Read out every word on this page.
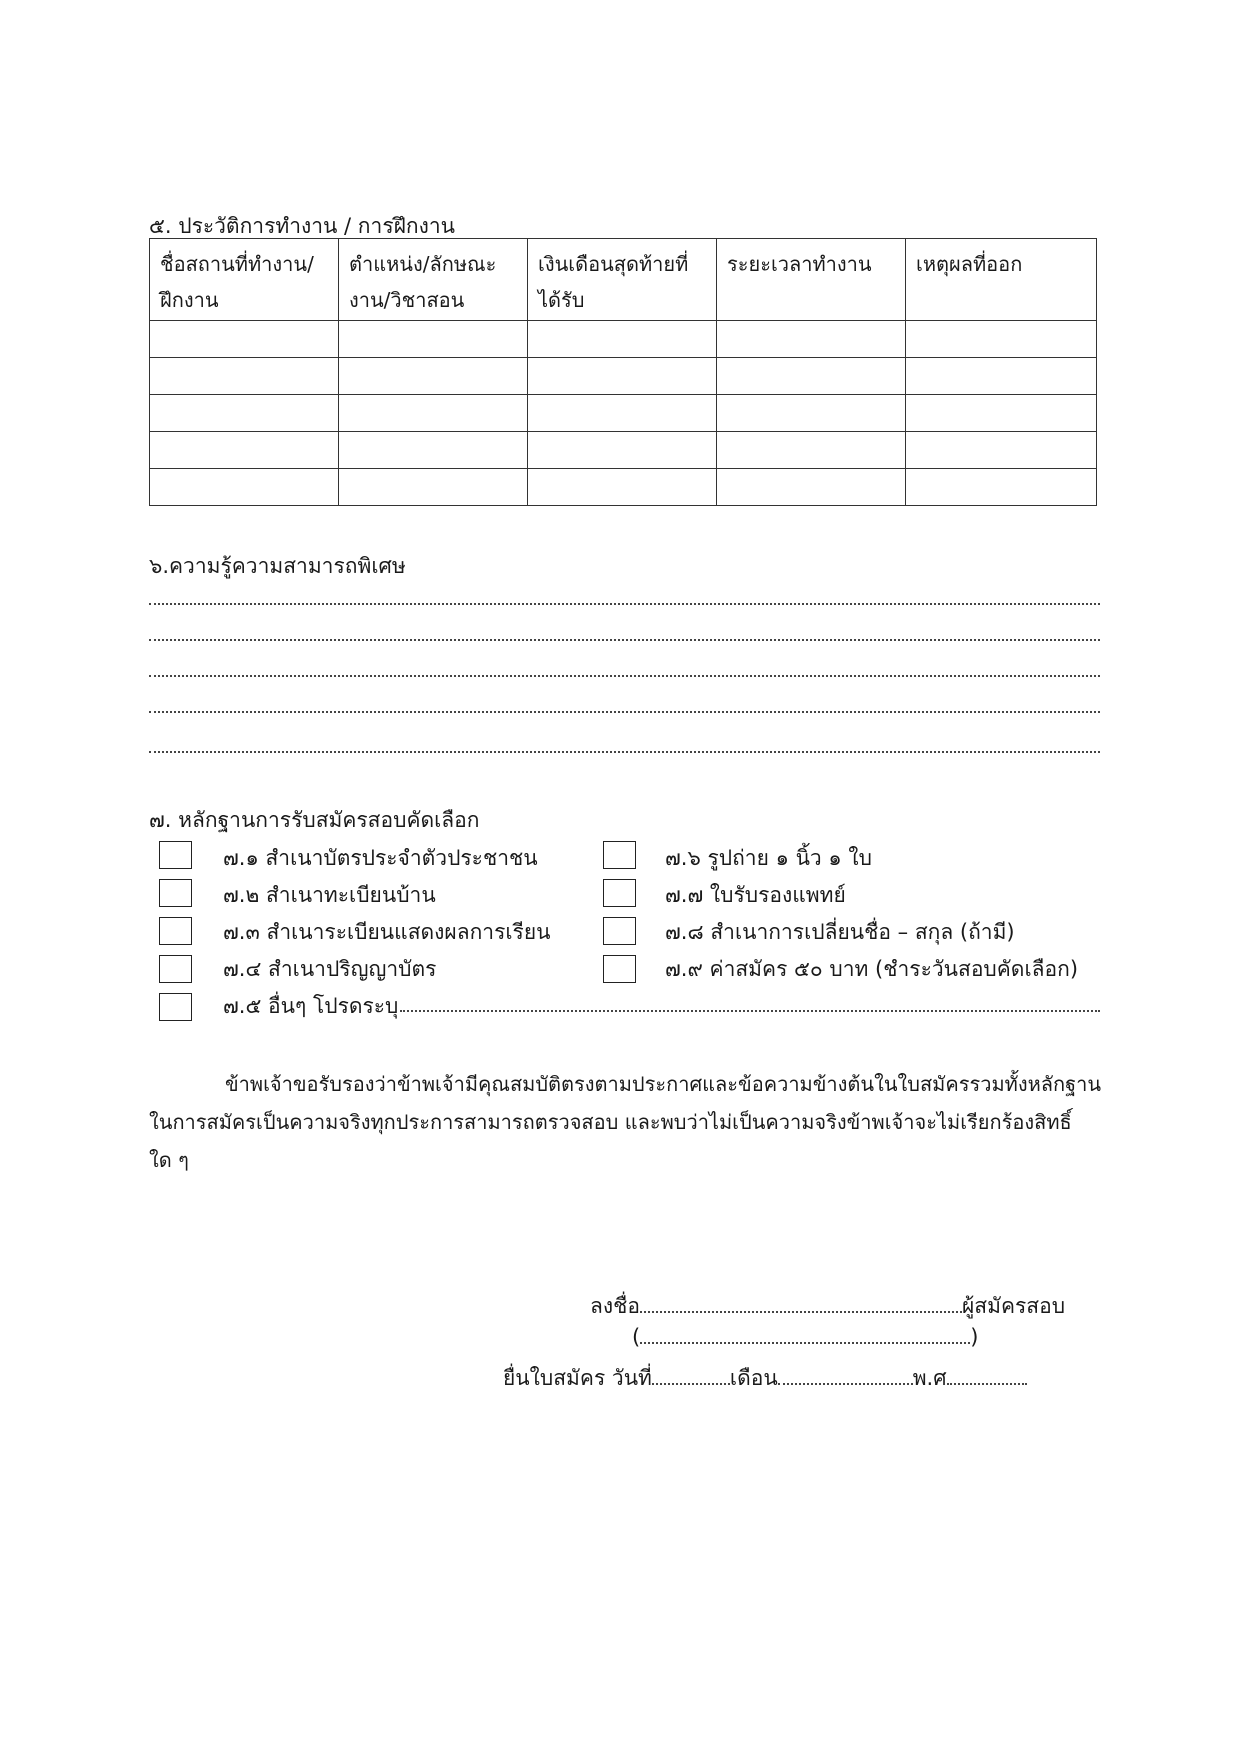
๕. ประวัติการทำงาน / การฝึกงาน
ชื่อสถานที่ทำงาน/ฝึกงาน	ตำแหน่ง/ลักษณะงาน/วิชาสอน	เงินเดือนสุดท้ายที่ได้รับ	ระยะเวลาทำงาน	เหตุผลที่ออก

๖.ความรู้ความสามารถพิเศษ
๗. หลักฐานการรับสมัครสอบคัดเลือก
๗.๑ สำเนาบัตรประจำตัวประชาชน
๗.๒ สำเนาทะเบียนบ้าน
๗.๓ สำเนาระเบียนแสดงผลการเรียน
๗.๔ สำเนาปริญญาบัตร
๗.๕ อื่นๆ โปรดระบุ
๗.๖ รูปถ่าย ๑ นิ้ว ๑ ใบ
๗.๗ ใบรับรองแพทย์
๗.๘ สำเนาการเปลี่ยนชื่อ – สกุล (ถ้ามี)
๗.๙ ค่าสมัคร ๕๐ บาท (ชำระวันสอบคัดเลือก)
ข้าพเจ้าขอรับรองว่าข้าพเจ้ามีคุณสมบัติตรงตามประกาศและข้อความข้างต้นในใบสมัครรวมทั้งหลักฐาน
ในการสมัครเป็นความจริงทุกประการสามารถตรวจสอบ และพบว่าไม่เป็นความจริงข้าพเจ้าจะไม่เรียกร้องสิทธิ์
ใด ๆ
ลงชื่อ	ผู้สมัครสอบ
(	)
ยื่นใบสมัคร วันที่	เดือน	พ.ศ
